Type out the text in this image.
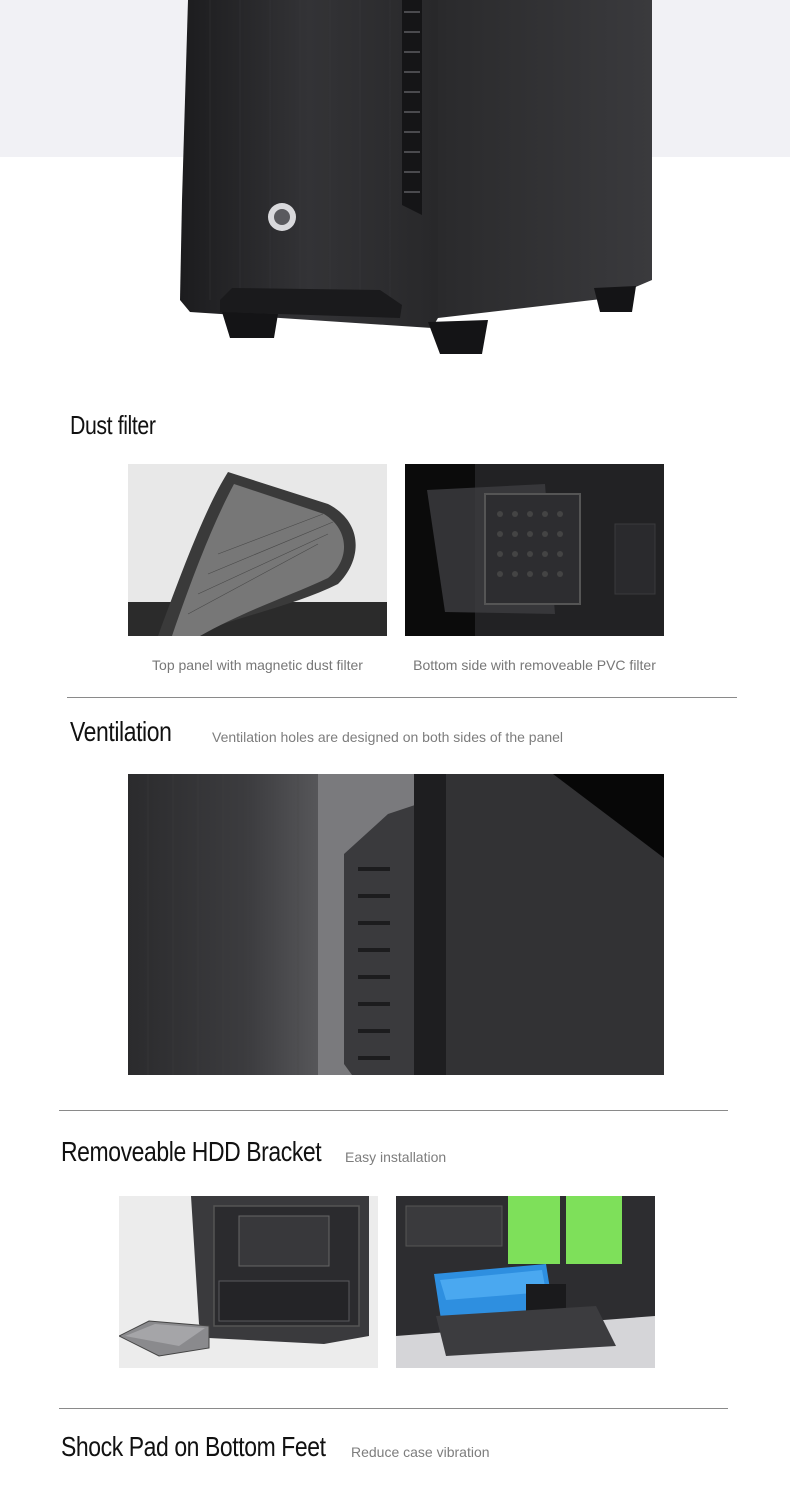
Dust filter
Top panel with magnetic dust filter	Bottom side with removeable PVC filter
Ventilation	Ventilation holes are designed on both sides of the panel
Removeable HDD Bracket Easy installation
Shock Pad on Bottom Feet Reduce case vibration
